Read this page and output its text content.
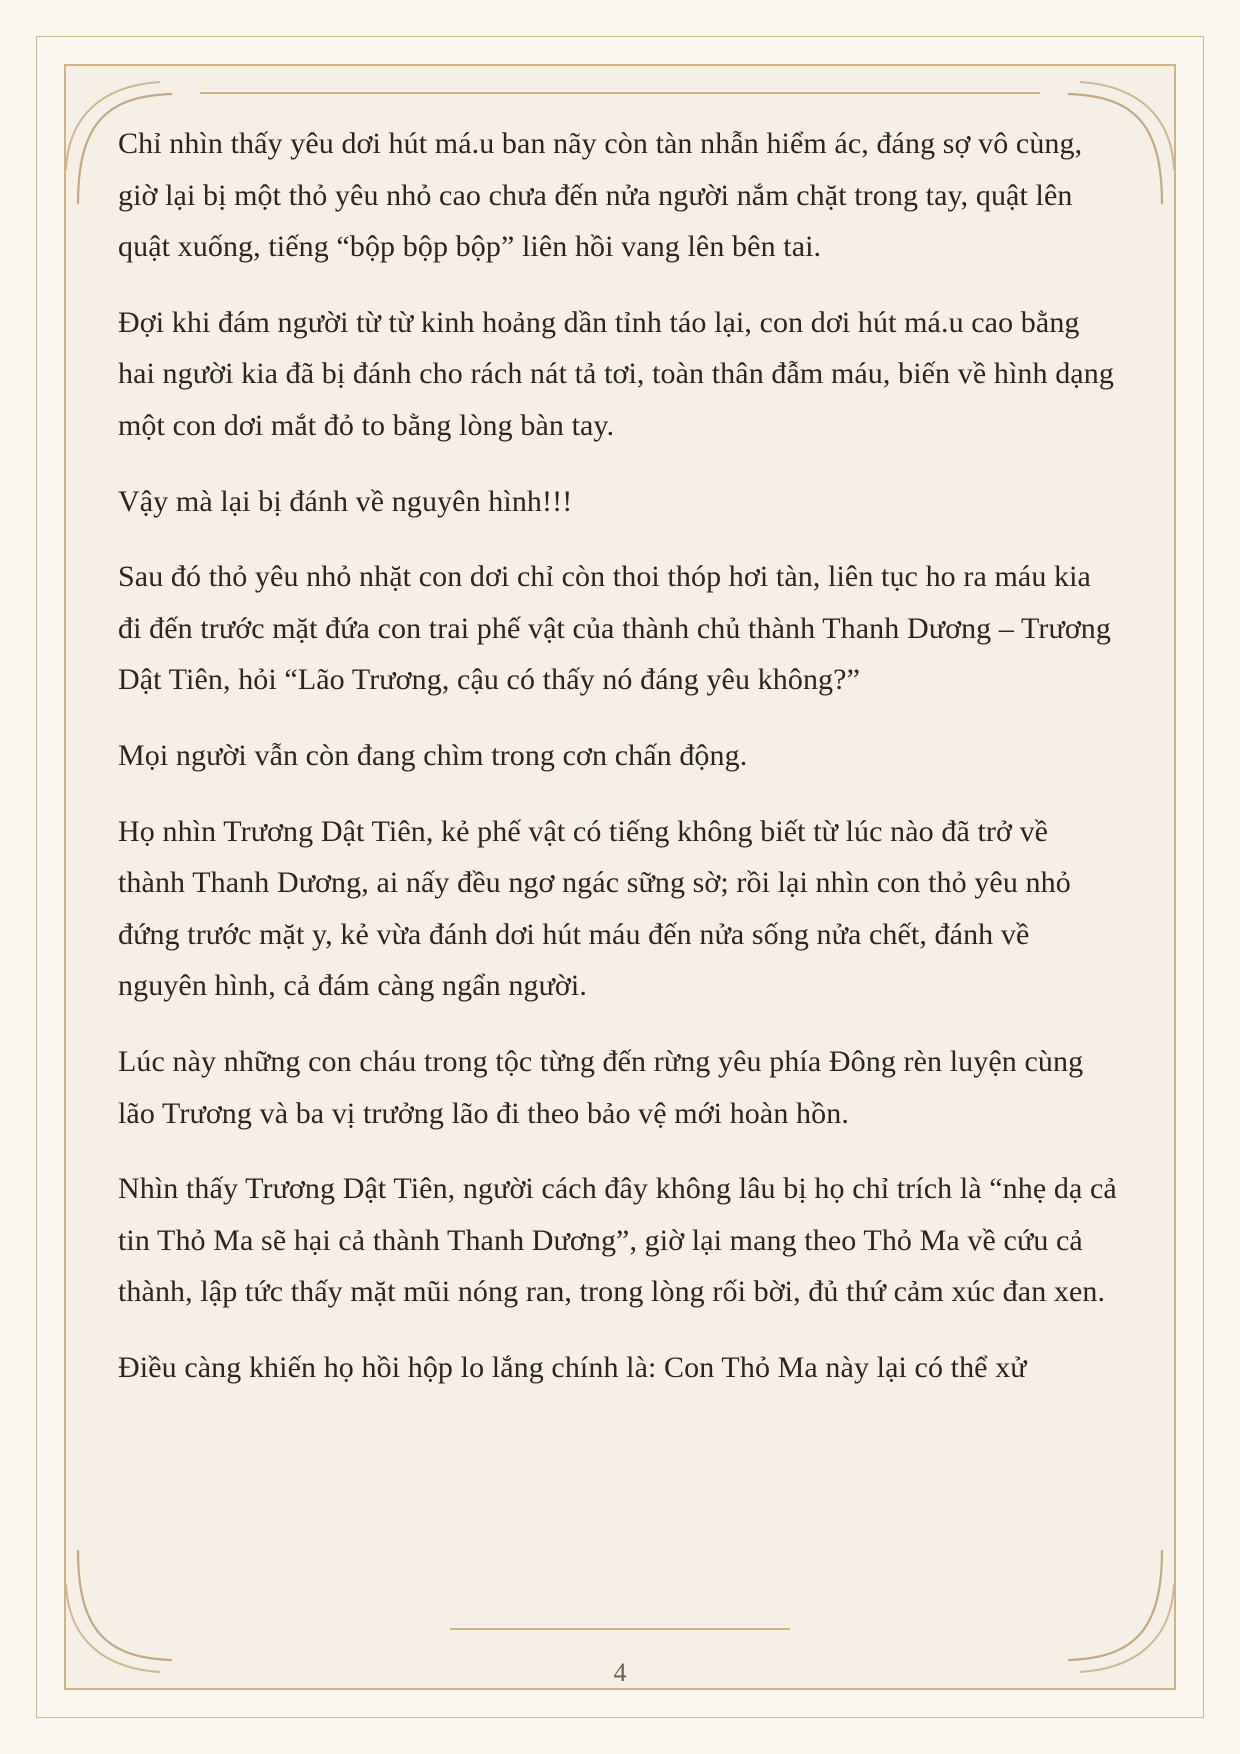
Chỉ nhìn thấy yêu dơi hút má.u ban nãy còn tàn nhẫn hiểm ác, đáng sợ vô cùng, giờ lại bị một thỏ yêu nhỏ cao chưa đến nửa người nắm chặt trong tay, quật lên quật xuống, tiếng “bộp bộp bộp” liên hồi vang lên bên tai.

Đợi khi đám người từ từ kinh hoảng dần tỉnh táo lại, con dơi hút má.u cao bằng hai người kia đã bị đánh cho rách nát tả tơi, toàn thân đẫm máu, biến về hình dạng một con dơi mắt đỏ to bằng lòng bàn tay.

Vậy mà lại bị đánh về nguyên hình!!!

Sau đó thỏ yêu nhỏ nhặt con dơi chỉ còn thoi thóp hơi tàn, liên tục ho ra máu kia đi đến trước mặt đứa con trai phế vật của thành chủ thành Thanh Dương – Trương Dật Tiên, hỏi “Lão Trương, cậu có thấy nó đáng yêu không?”

Mọi người vẫn còn đang chìm trong cơn chấn động.

Họ nhìn Trương Dật Tiên, kẻ phế vật có tiếng không biết từ lúc nào đã trở về thành Thanh Dương, ai nấy đều ngơ ngác sững sờ; rồi lại nhìn con thỏ yêu nhỏ đứng trước mặt y, kẻ vừa đánh dơi hút máu đến nửa sống nửa chết, đánh về nguyên hình, cả đám càng ngẩn người.

Lúc này những con cháu trong tộc từng đến rừng yêu phía Đông rèn luyện cùng lão Trương và ba vị trưởng lão đi theo bảo vệ mới hoàn hồn.

Nhìn thấy Trương Dật Tiên, người cách đây không lâu bị họ chỉ trích là “nhẹ dạ cả tin Thỏ Ma sẽ hại cả thành Thanh Dương”, giờ lại mang theo Thỏ Ma về cứu cả thành, lập tức thấy mặt mũi nóng ran, trong lòng rối bời, đủ thứ cảm xúc đan xen.

Điều càng khiến họ hồi hộp lo lắng chính là: Con Thỏ Ma này lại có thể xử

4
